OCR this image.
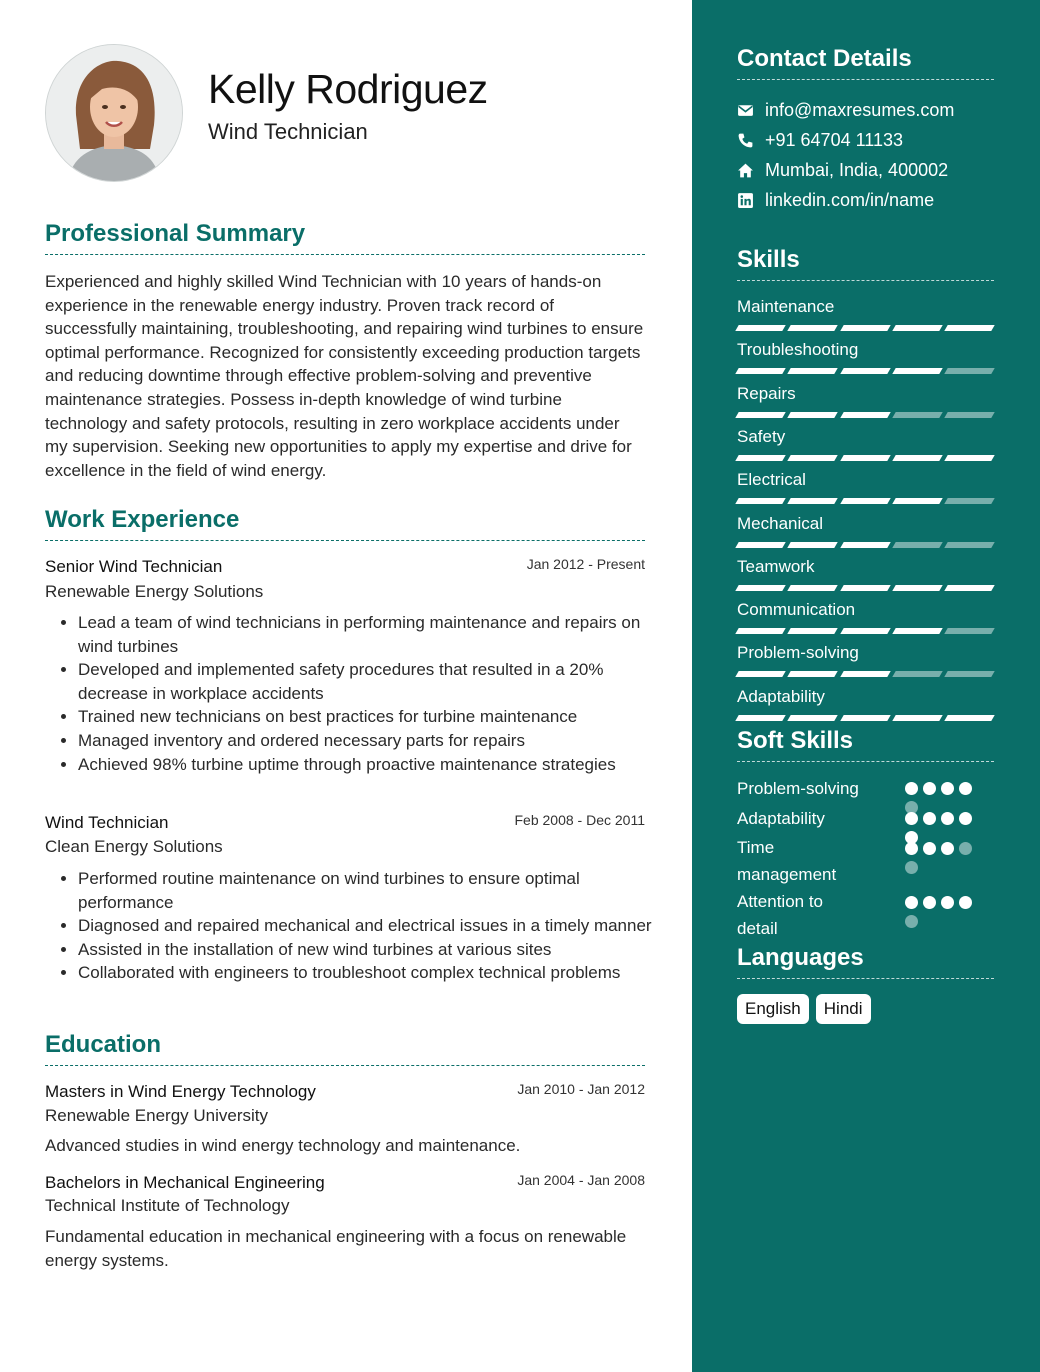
Kelly Rodriguez
Wind Technician
Professional Summary
Experienced and highly skilled Wind Technician with 10 years of hands-on experience in the renewable energy industry. Proven track record of successfully maintaining, troubleshooting, and repairing wind turbines to ensure optimal performance. Recognized for consistently exceeding production targets and reducing downtime through effective problem-solving and preventive maintenance strategies. Possess in-depth knowledge of wind turbine technology and safety protocols, resulting in zero workplace accidents under my supervision. Seeking new opportunities to apply my expertise and drive for excellence in the field of wind energy.
Work Experience
Senior Wind Technician	Jan 2012 - Present
Renewable Energy Solutions
• Lead a team of wind technicians in performing maintenance and repairs on wind turbines
• Developed and implemented safety procedures that resulted in a 20% decrease in workplace accidents
• Trained new technicians on best practices for turbine maintenance
• Managed inventory and ordered necessary parts for repairs
• Achieved 98% turbine uptime through proactive maintenance strategies
Wind Technician	Feb 2008 - Dec 2011
Clean Energy Solutions
• Performed routine maintenance on wind turbines to ensure optimal performance
• Diagnosed and repaired mechanical and electrical issues in a timely manner
• Assisted in the installation of new wind turbines at various sites
• Collaborated with engineers to troubleshoot complex technical problems
Education
Masters in Wind Energy Technology	Jan 2010 - Jan 2012
Renewable Energy University
Advanced studies in wind energy technology and maintenance.
Bachelors in Mechanical Engineering	Jan 2004 - Jan 2008
Technical Institute of Technology
Fundamental education in mechanical engineering with a focus on renewable energy systems.
Contact Details
info@maxresumes.com
+91 64704 11133
Mumbai, India, 400002
linkedin.com/in/name
Skills
Maintenance
Troubleshooting
Repairs
Safety
Electrical
Mechanical
Teamwork
Communication
Problem-solving
Adaptability
Soft Skills
Problem-solving
Adaptability
Time management
Attention to detail
Languages
English	Hindi
